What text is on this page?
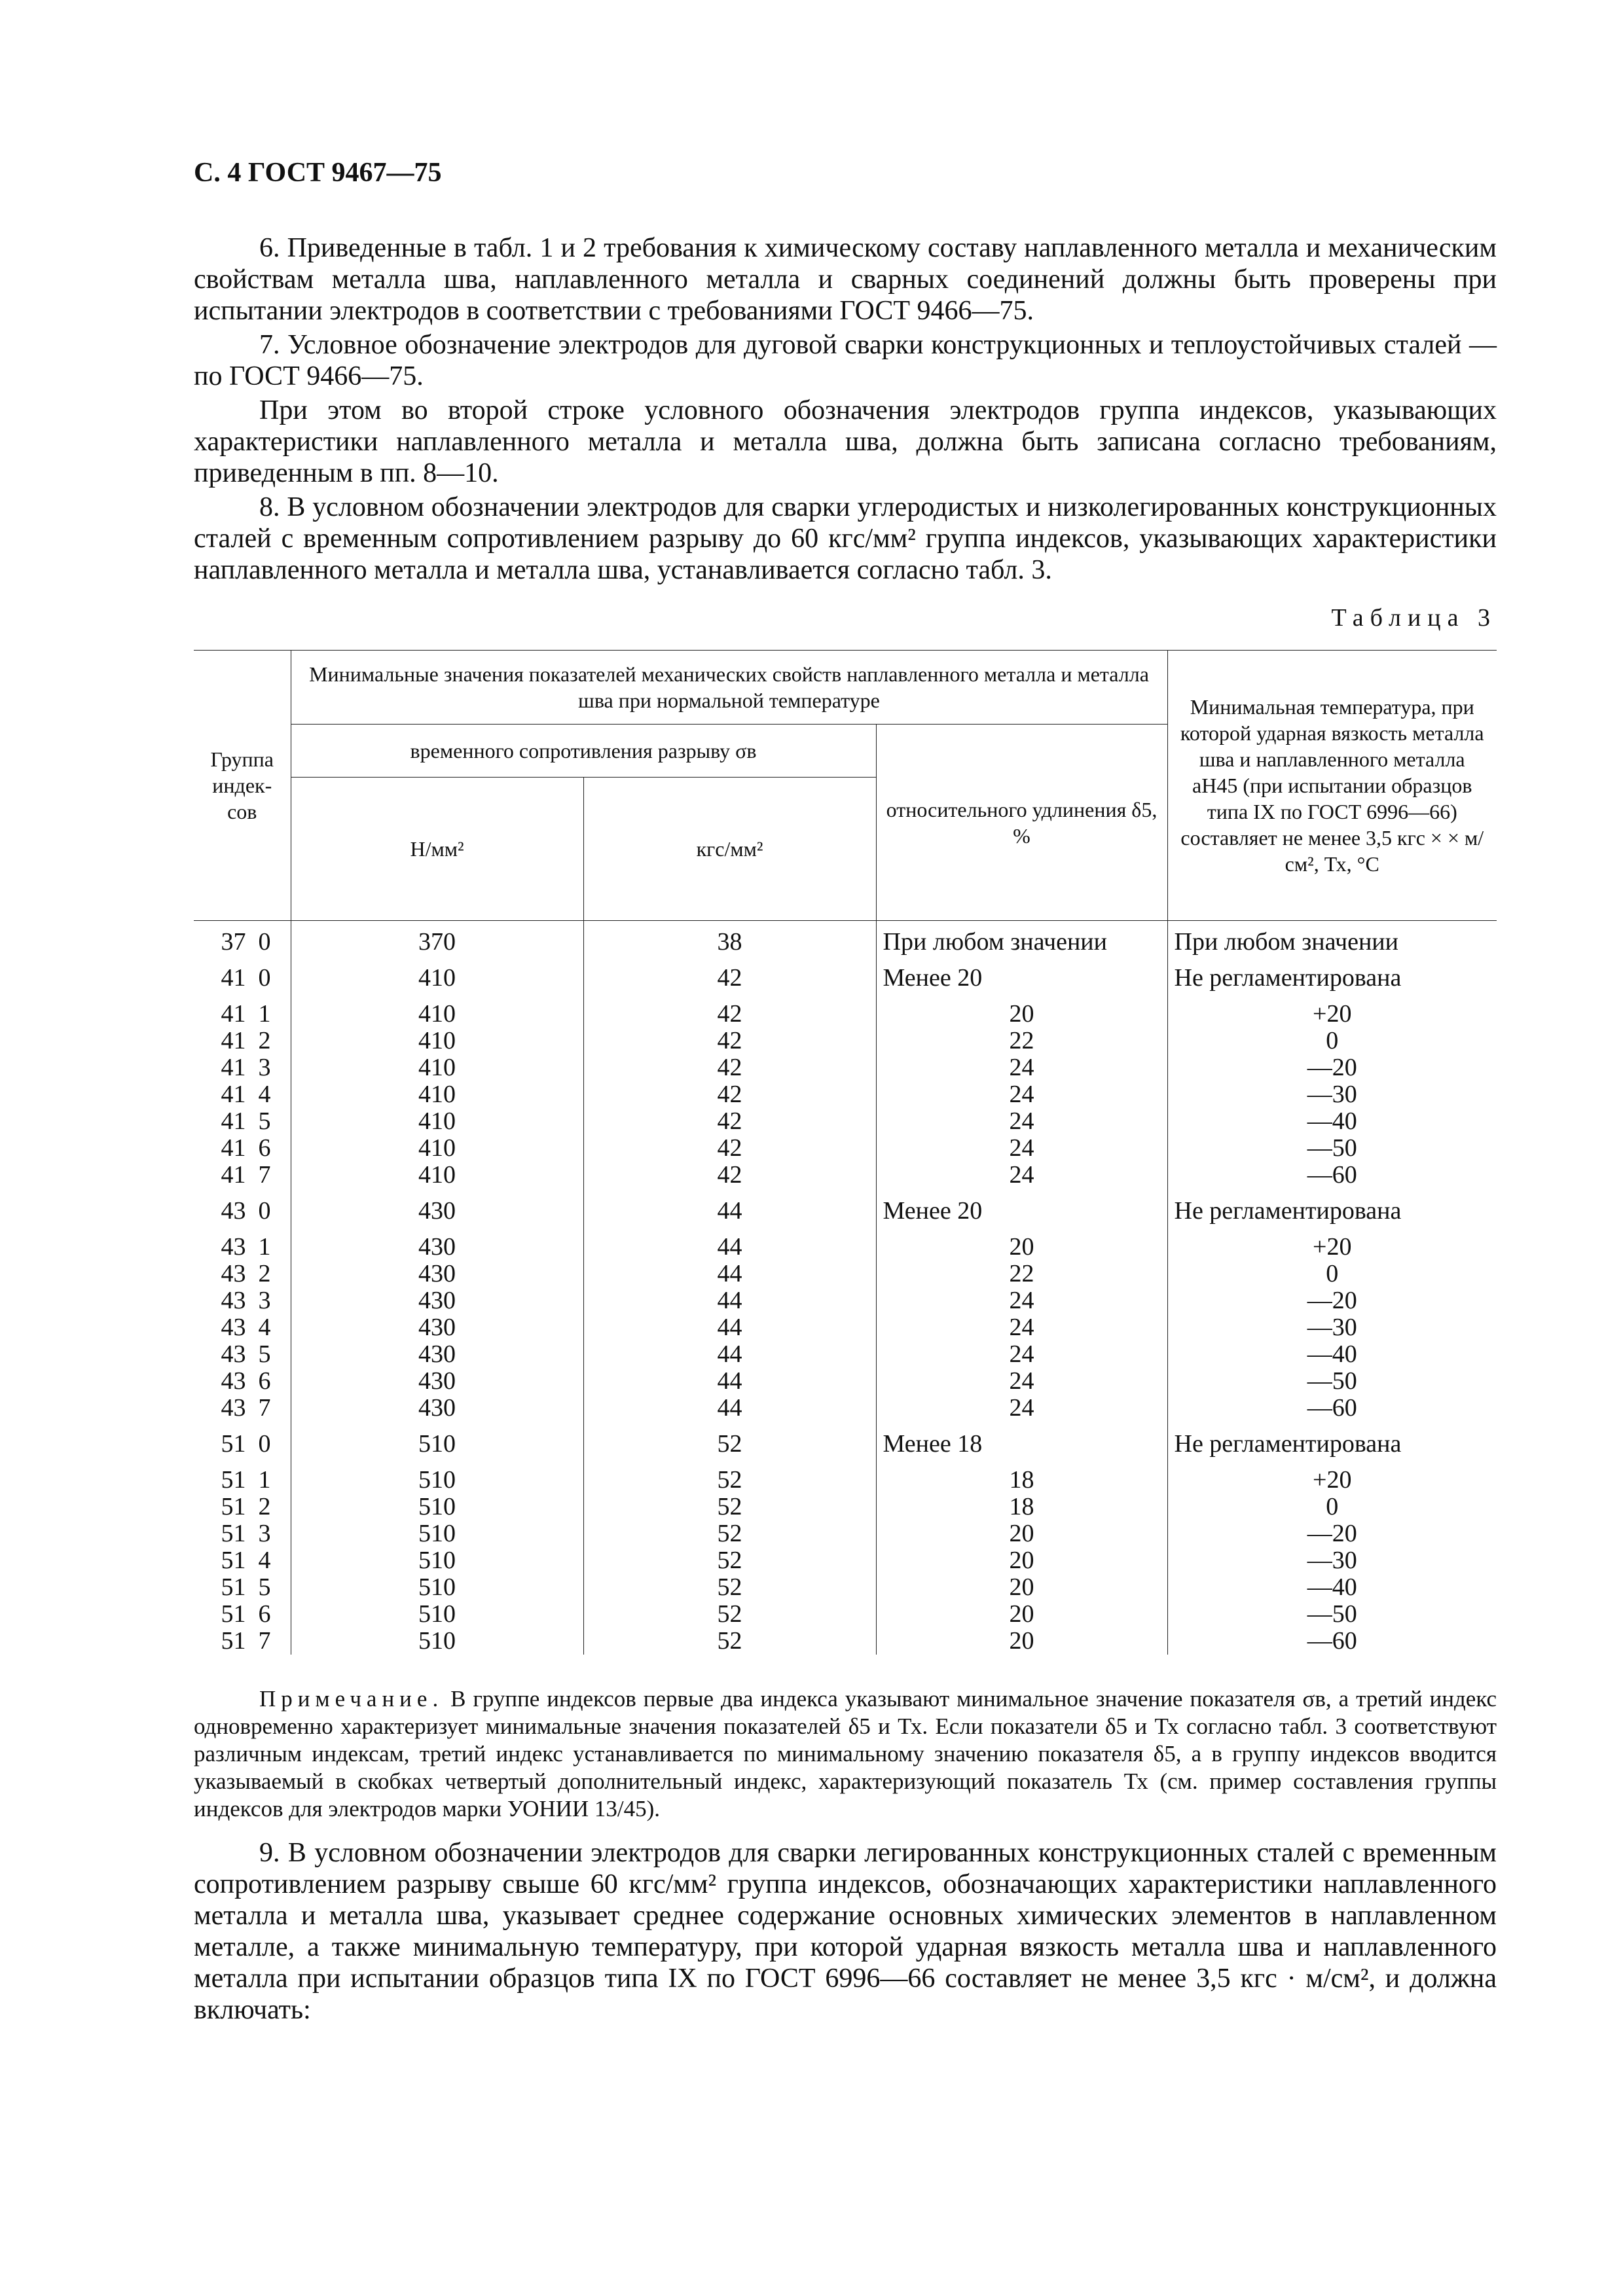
С. 4 ГОСТ 9467—75

6. Приведенные в табл. 1 и 2 требования к химическому составу наплавленного металла и механическим свойствам металла шва, наплавленного металла и сварных соединений должны быть проверены при испытании электродов в соответствии с требованиями ГОСТ 9466—75.

7. Условное обозначение электродов для дуговой сварки конструкционных и теплоустойчивых сталей — по ГОСТ 9466—75.

При этом во второй строке условного обозначения электродов группа индексов, указывающих характеристики наплавленного металла и металла шва, должна быть записана согласно требованиям, приведенным в пп. 8—10.

8. В условном обозначении электродов для сварки углеродистых и низколегированных конструкционных сталей с временным сопротивлением разрыву до 60 кгс/мм² группа индексов, указывающих характеристики наплавленного металла и металла шва, устанавливается согласно табл. 3.

Таблица 3
Группа индек-сов	Минимальные значения показателей механических свойств наплавленного металла и металла шва при нормальной температуре			Минимальная температура, при которой ударная вязкость металла шва и наплавленного металла aН45 (при испытании образцов типа IX по ГОСТ 6996—66) составляет не менее 3,5 кгс × × м/см², Тх, °С
	временного сопротивления разрыву σв		относительного удлинения δ5, %	
	Н/мм²	кгс/мм²		
37  0	370	38	При любом значении	При любом значении
41  0	410	42	Менее 20	Не регламентирована
41  1	410	42	20	+20
41  2	410	42	22	0
41  3	410	42	24	—20
41  4	410	42	24	—30
41  5	410	42	24	—40
41  6	410	42	24	—50
41  7	410	42	24	—60
43  0	430	44	Менее 20	Не регламентирована
43  1	430	44	20	+20
43  2	430	44	22	0
43  3	430	44	24	—20
43  4	430	44	24	—30
43  5	430	44	24	—40
43  6	430	44	24	—50
43  7	430	44	24	—60
51  0	510	52	Менее 18	Не регламентирована
51  1	510	52	18	+20
51  2	510	52	18	0
51  3	510	52	20	—20
51  4	510	52	20	—30
51  5	510	52	20	—40
51  6	510	52	20	—50
51  7	510	52	20	—60

Примечание. В группе индексов первые два индекса указывают минимальное значение показателя σв, а третий индекс одновременно характеризует минимальные значения показателей δ5 и Тх. Если показатели δ5 и Тх согласно табл. 3 соответствуют различным индексам, третий индекс устанавливается по минимальному значению показателя δ5, а в группу индексов вводится указываемый в скобках четвертый дополнительный индекс, характеризующий показатель Тх (см. пример составления группы индексов для электродов марки УОНИИ 13/45).

9. В условном обозначении электродов для сварки легированных конструкционных сталей с временным сопротивлением разрыву свыше 60 кгс/мм² группа индексов, обозначающих характеристики наплавленного металла и металла шва, указывает среднее содержание основных химических элементов в наплавленном металле, а также минимальную температуру, при которой ударная вязкость металла шва и наплавленного металла при испытании образцов типа IX по ГОСТ 6996—66 составляет не менее 3,5 кгс · м/см², и должна включать:
